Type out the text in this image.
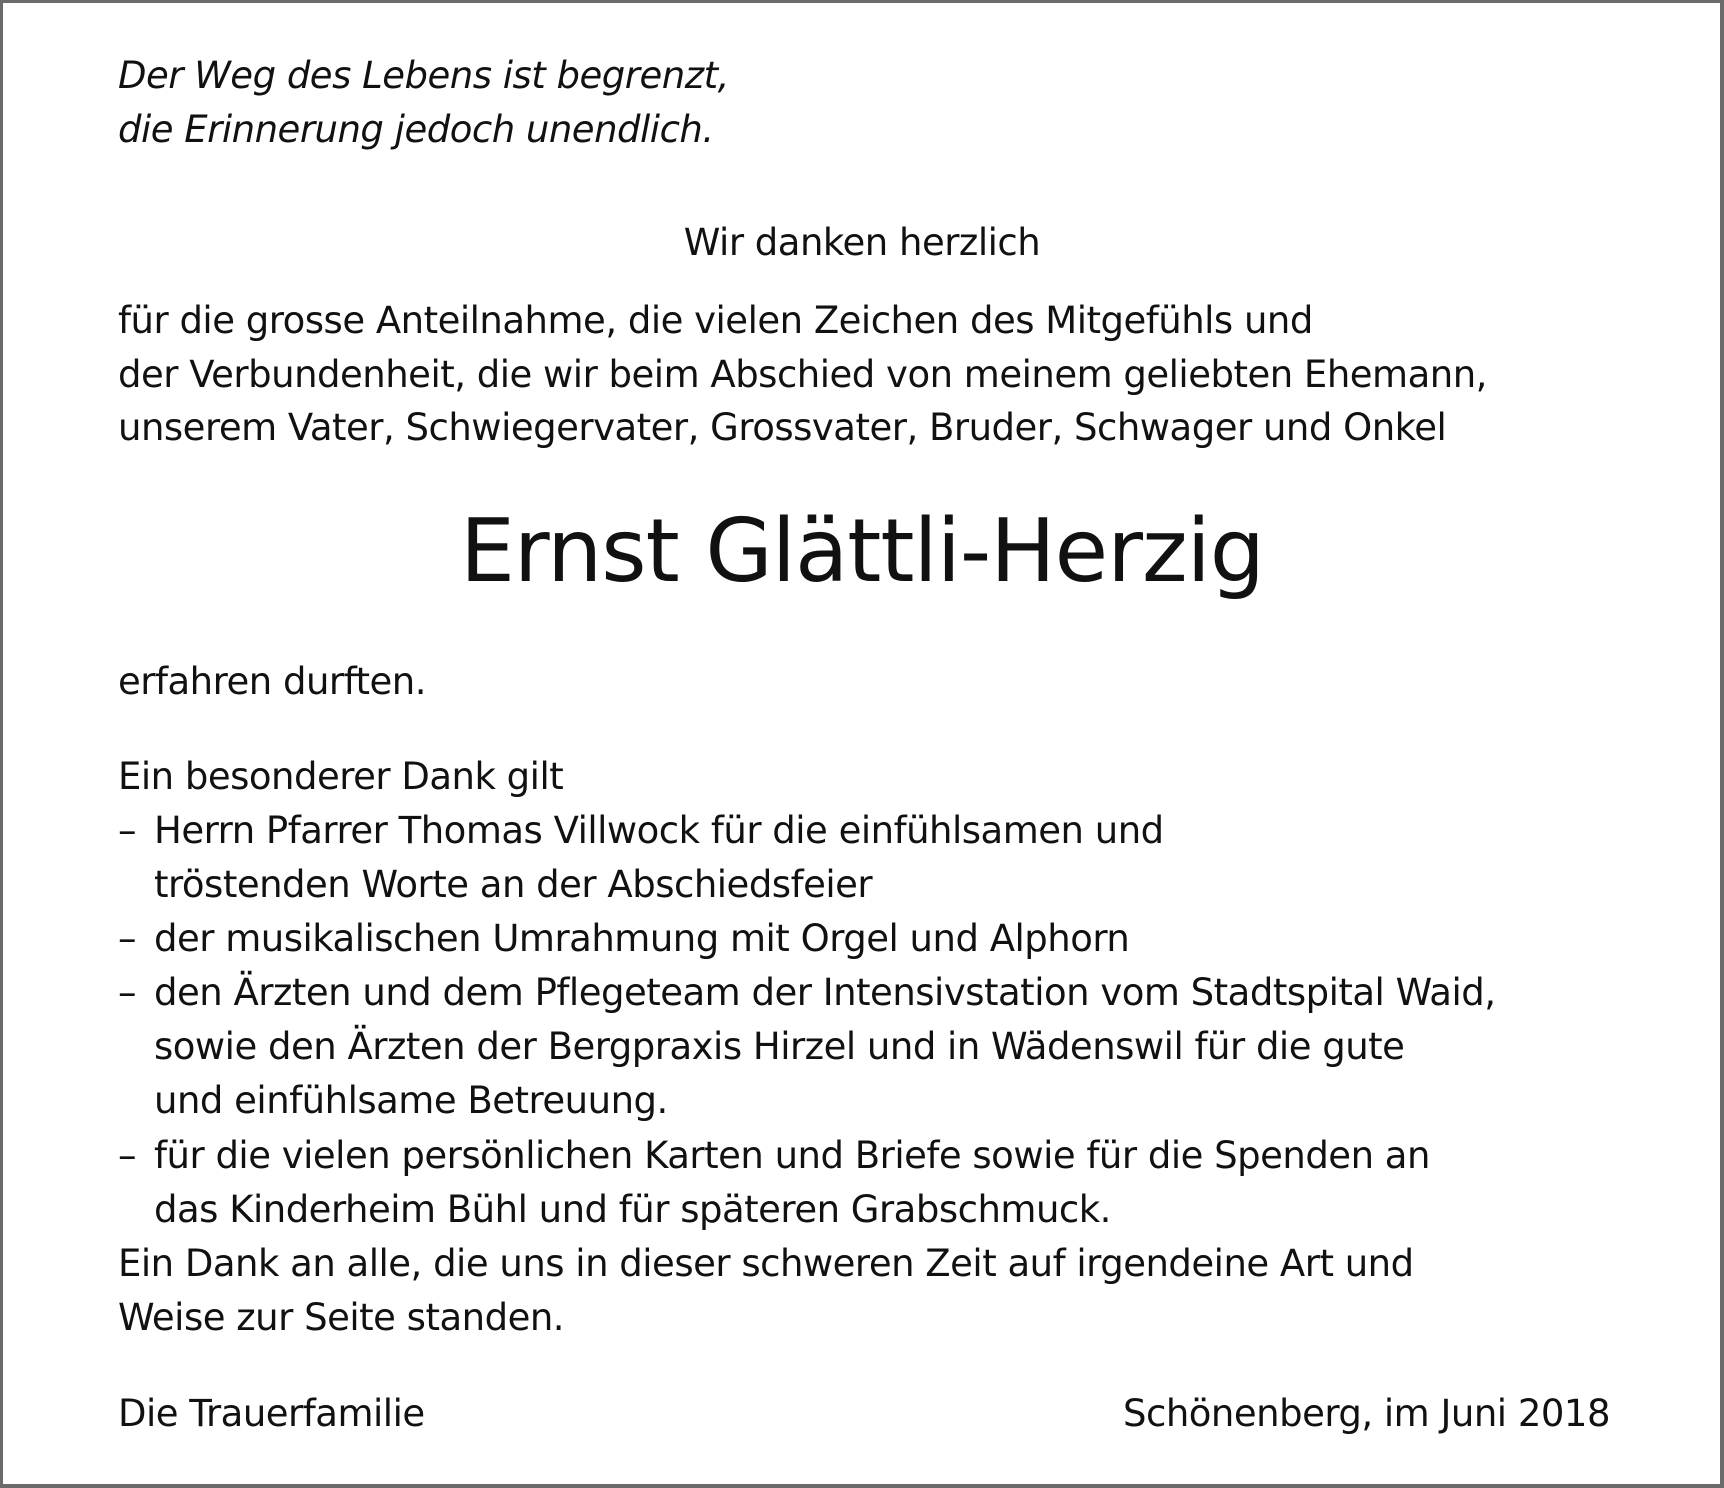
Der Weg des Lebens ist begrenzt,

die Erinnerung jedoch unendlich.

Wir danken herzlich

für die grosse Anteilnahme, die vielen Zeichen des Mitgefühls und

der Verbundenheit, die wir beim Abschied von meinem geliebten Ehemann,

unserem Vater, Schwiegervater, Grossvater, Bruder, Schwager und Onkel

Ernst Glättli-Herzig

erfahren durften.

Ein besonderer Dank gilt

– Herrn Pfarrer Thomas Villwock für die einfühlsamen und

tröstenden Worte an der Abschiedsfeier

– der musikalischen Umrahmung mit Orgel und Alphorn

– den Ärzten und dem Pflegeteam der Intensivstation vom Stadtspital Waid,

sowie den Ärzten der Bergpraxis Hirzel und in Wädenswil für die gute

und einfühlsame Betreuung.

– für die vielen persönlichen Karten und Briefe sowie für die Spenden an

das Kinderheim Bühl und für späteren Grabschmuck.

Ein Dank an alle, die uns in dieser schweren Zeit auf irgendeine Art und

Weise zur Seite standen.

Die Trauerfamilie	Schönenberg, im Juni 2018
